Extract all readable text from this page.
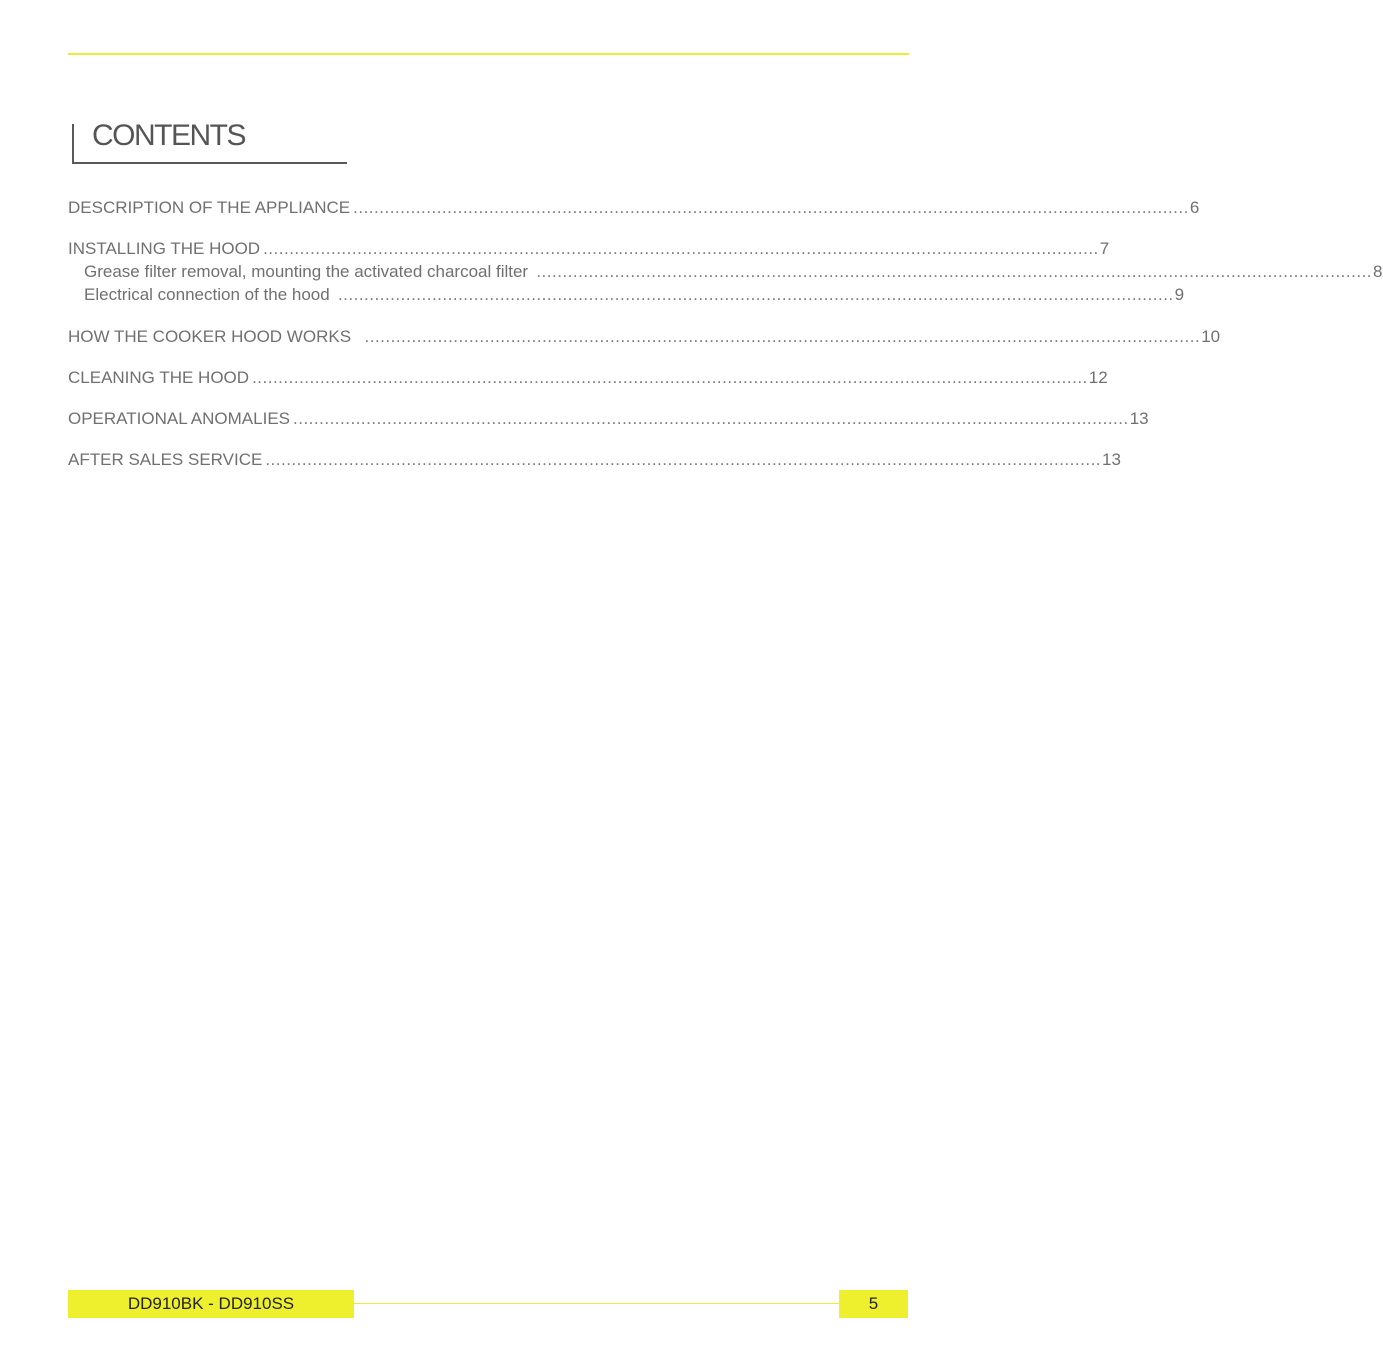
CONTENTS
DESCRIPTION OF THE APPLIANCE ................................................................................................................................................................ 6
INSTALLING THE HOOD ................................................................................................................................................................ 7
Grease filter removal, mounting the activated charcoal filter ................................................................................................................................................................ 8
Electrical connection of the hood ................................................................................................................................................................ 9
HOW THE COOKER HOOD WORKS ................................................................................................................................................................ 10
CLEANING THE HOOD ................................................................................................................................................................ 12
OPERATIONAL ANOMALIES ................................................................................................................................................................ 13
AFTER SALES SERVICE ................................................................................................................................................................ 13
DD910BK - DD910SS	5
